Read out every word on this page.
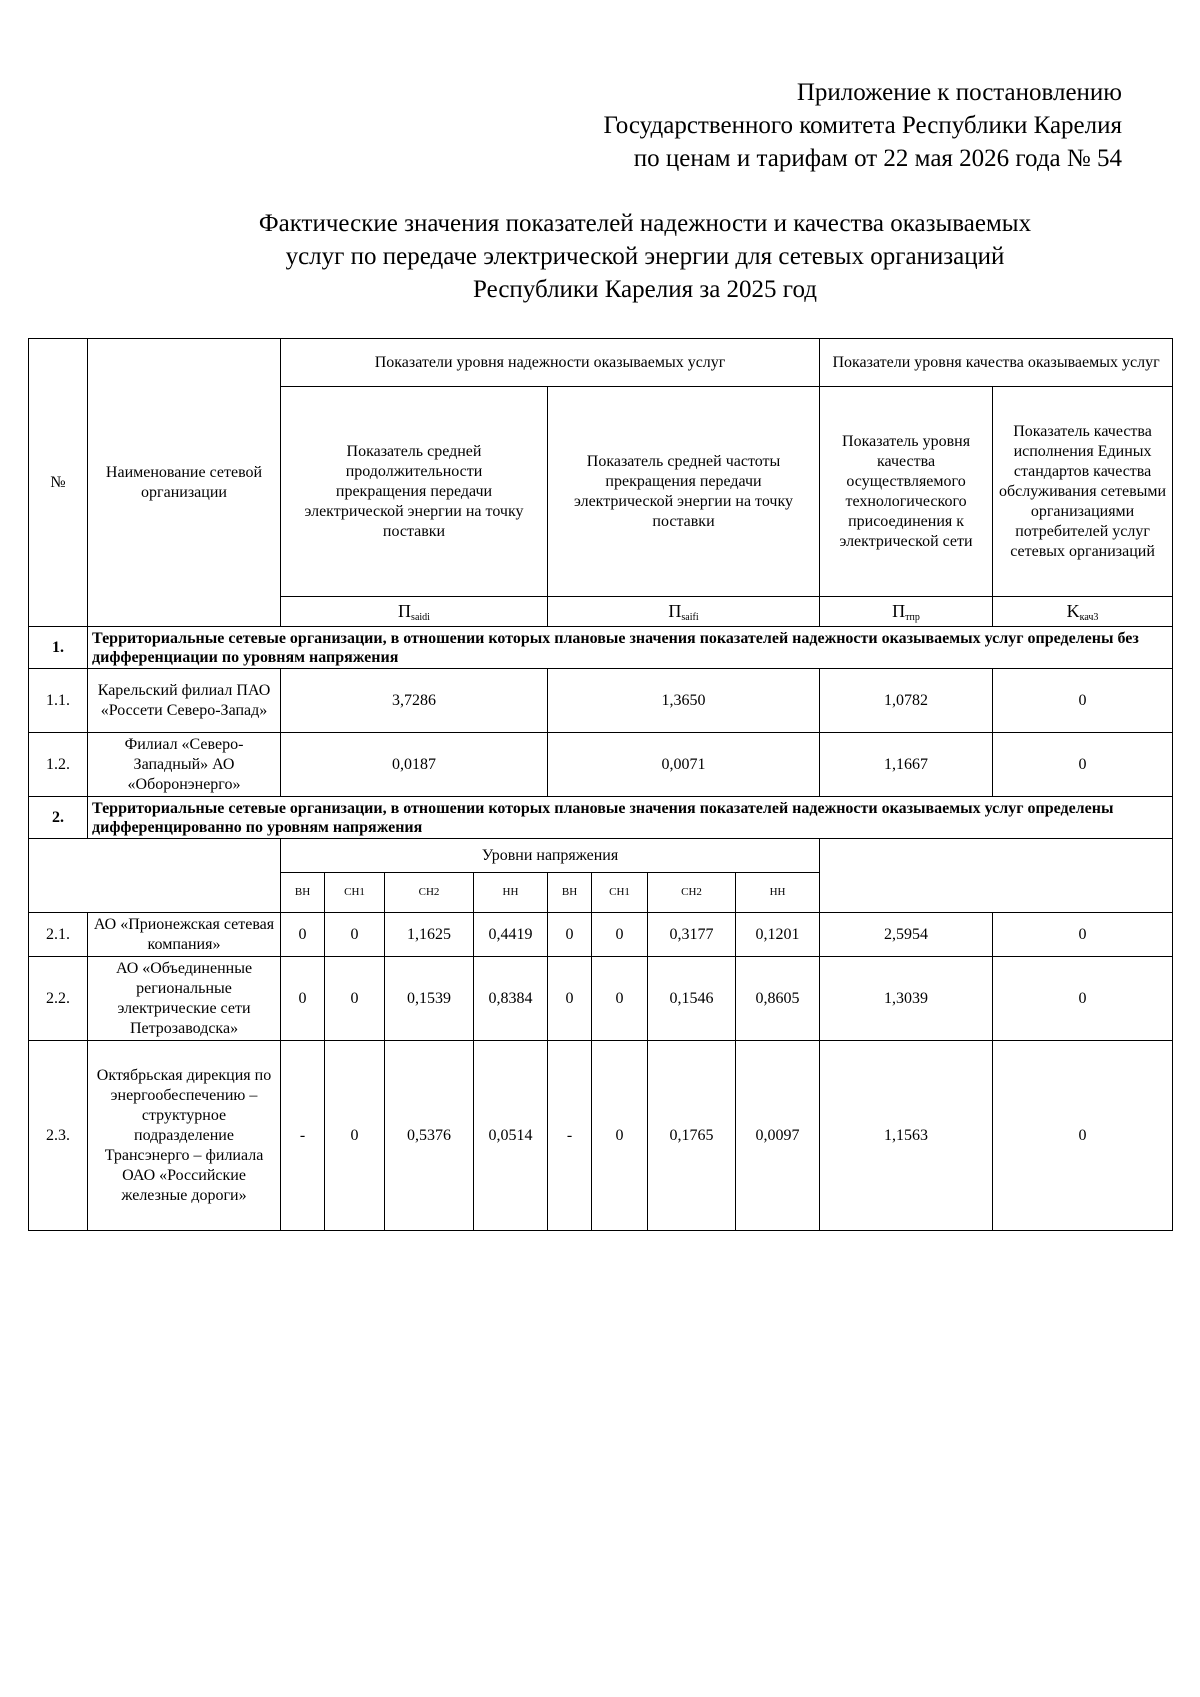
Приложение к постановлению
Государственного комитета Республики Карелия
по ценам и тарифам от 22 мая 2026 года № 54
Фактические значения показателей надежности и качества оказываемых
услуг по передаче электрической энергии для сетевых организаций
Республики Карелия за 2025 год
№	Наименование сетевой организации	Показатели уровня надежности оказываемых услуг								Показатели уровня качества оказываемых услуг	
		Показатель средней продолжительности прекращения передачи электрической энергии на точку поставки				Показатель средней частоты прекращения передачи электрической энергии на точку поставки				Показатель уровня качества осуществляемого технологического присоединения к электрической сети	Показатель качества исполнения Единых стандартов качества обслуживания сетевыми организациями потребителей услуг сетевых организаций
		$П_{saidi}$				$П_{saifi}$				$П_{тпр}$	$K_{кач3}$
1.	Территориальные сетевые организации, в отношении которых плановые значения показателей надежности оказываемых услуг определены без дифференциации по уровням напряжения										
1.1.	Карельский филиал ПАО «Россети Северо-Запад»	3,7286				1,3650				1,0782	0
1.2.	Филиал «Северо-Западный» АО «Оборонэнерго»	0,0187				0,0071				1,1667	0
2.	Территориальные сетевые организации, в отношении которых плановые значения показателей надежности оказываемых услуг определены дифференцированно по уровням напряжения										
		Уровни напряжения									
		ВН	СН1	СН2	НН	ВН	СН1	СН2	НН		
2.1.	АО «Прионежская сетевая компания»	0	0	1,1625	0,4419	0	0	0,3177	0,1201	2,5954	0
2.2.	АО «Объединенные региональные электрические сети Петрозаводска»	0	0	0,1539	0,8384	0	0	0,1546	0,8605	1,3039	0
2.3.	Октябрьская дирекция по энергообеспечению – структурное подразделение Трансэнерго – филиала ОАО «Российские железные дороги»	-	0	0,5376	0,0514	-	0	0,1765	0,0097	1,1563	0
